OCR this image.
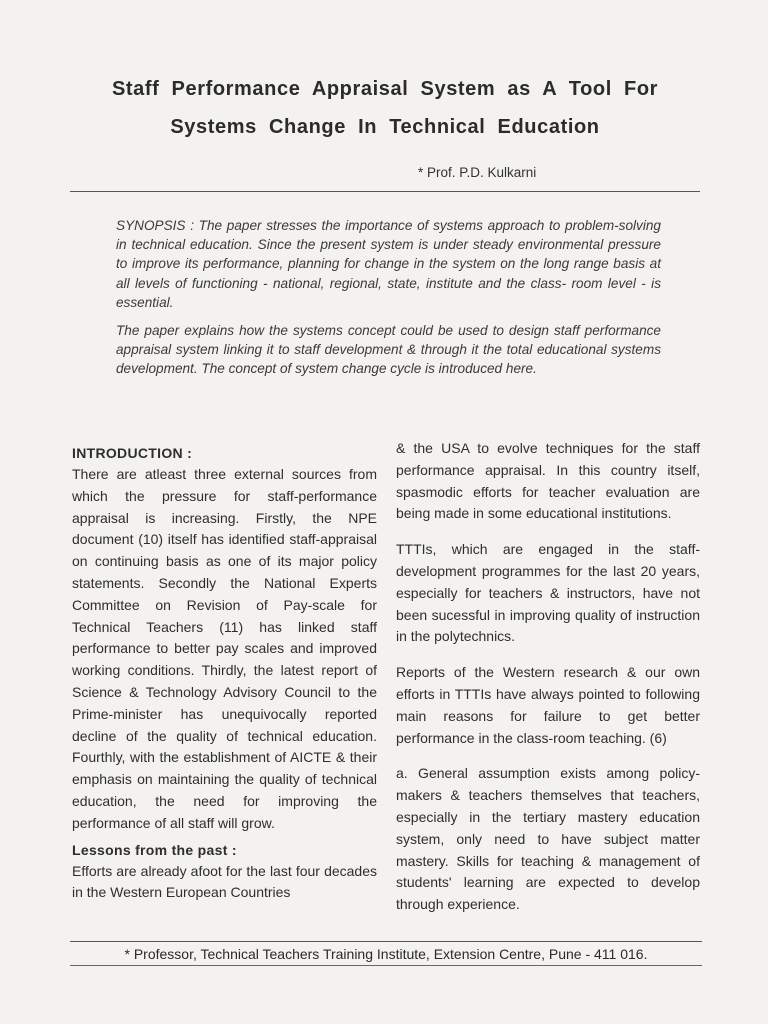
Staff Performance Appraisal System as A Tool For
Systems Change In Technical Education
* Prof. P.D. Kulkarni

SYNOPSIS : The paper stresses the importance of systems approach to problem-solving in technical education. Since the present system is under steady environmental pressure to improve its performance, planning for change in the system on the long range basis at all levels of functioning - national, regional, state, institute and the class- room level - is essential.

The paper explains how the systems concept could be used to design staff performance appraisal system linking it to staff development & through it the total educational systems development. The concept of system change cycle is introduced here.

INTRODUCTION :

There are atleast three external sources from which the pressure for staff-performance appraisal is increasing. Firstly, the NPE document (10) itself has identified staff-appraisal on continuing basis as one of its major policy statements. Secondly the National Experts Committee on Revision of Pay-scale for Technical Teachers (11) has linked staff performance to better pay scales and improved working conditions. Thirdly, the latest report of Science & Technology Advisory Council to the Prime-minister has unequivocally reported decline of the quality of technical education. Fourthly, with the establishment of AICTE & their emphasis on maintaining the quality of technical education, the need for improving the performance of all staff will grow.

Lessons from the past :

Efforts are already afoot for the last four decades in the Western European Countries

& the USA to evolve techniques for the staff performance appraisal. In this country itself, spasmodic efforts for teacher evaluation are being made in some educational institutions.

TTTIs, which are engaged in the staff-development programmes for the last 20 years, especially for teachers & instructors, have not been sucessful in improving quality of instruction in the polytechnics.

Reports of the Western research & our own efforts in TTTIs have always pointed to following main reasons for failure to get better performance in the class-room teaching. (6)

a. General assumption exists among policy-makers & teachers themselves that teachers, especially in the tertiary mastery education system, only need to have subject matter mastery. Skills for teaching & management of students' learning are expected to develop through experience.

* Professor, Technical Teachers Training Institute, Extension Centre, Pune - 411 016.
